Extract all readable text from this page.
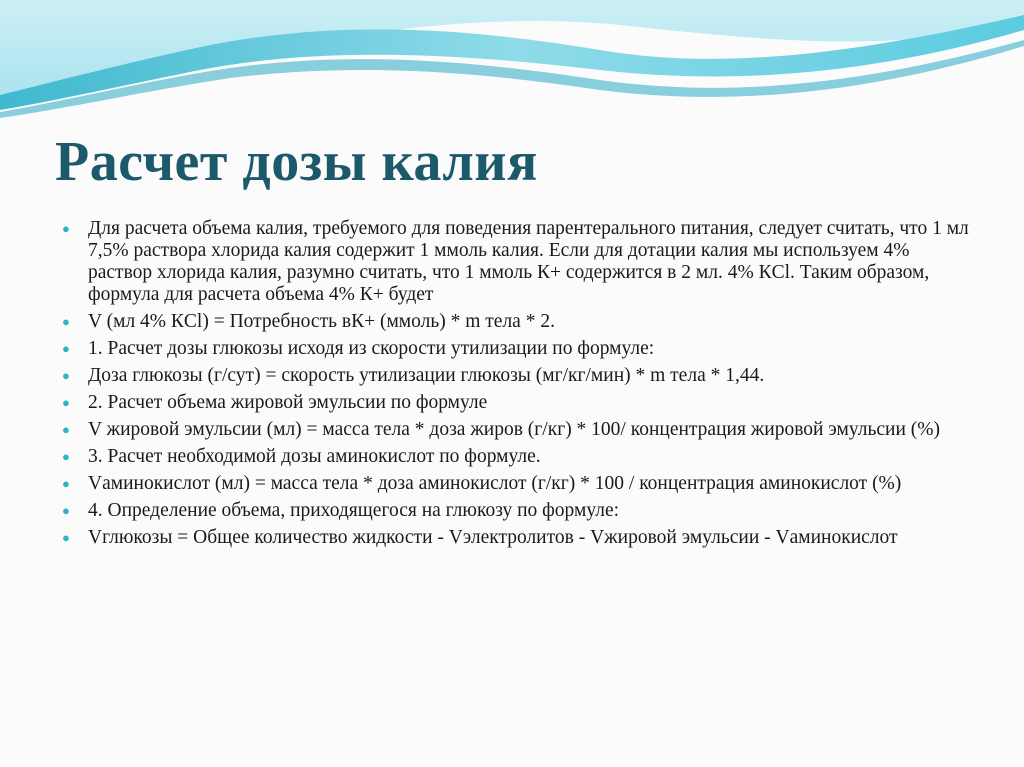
Расчет дозы калия
● Для расчета объема калия, требуемого для поведения парентерального питания, следует считать, что 1 мл 7,5% раствора хлорида калия содержит 1 ммоль калия. Если для дотации калия мы используем 4% раствор хлорида калия, разумно считать, что 1 ммоль К+ содержится в 2 мл. 4% КCl. Таким образом, формула для расчета объема 4% К+ будет
● V (мл 4% КCl) = Потребность вК+ (ммоль) * m тела * 2.
● 1. Расчет дозы глюкозы исходя из скорости утилизации по формуле:
● Доза глюкозы (г/сут) = скорость утилизации глюкозы (мг/кг/мин) * m тела * 1,44.
● 2. Расчет объема жировой эмульсии по формуле
● V жировой эмульсии (мл) = масса тела * доза жиров (г/кг) * 100/ концентрация жировой эмульсии (%)
● 3. Расчет необходимой дозы аминокислот по формуле.
● Vаминокислот (мл) = масса тела * доза аминокислот (г/кг) * 100 / концентрация аминокислот (%)
● 4. Определение объема, приходящегося на глюкозу по формуле:
● Vглюкозы = Общее количество жидкости - Vэлектролитов - Vжировой эмульсии - Vаминокислот
